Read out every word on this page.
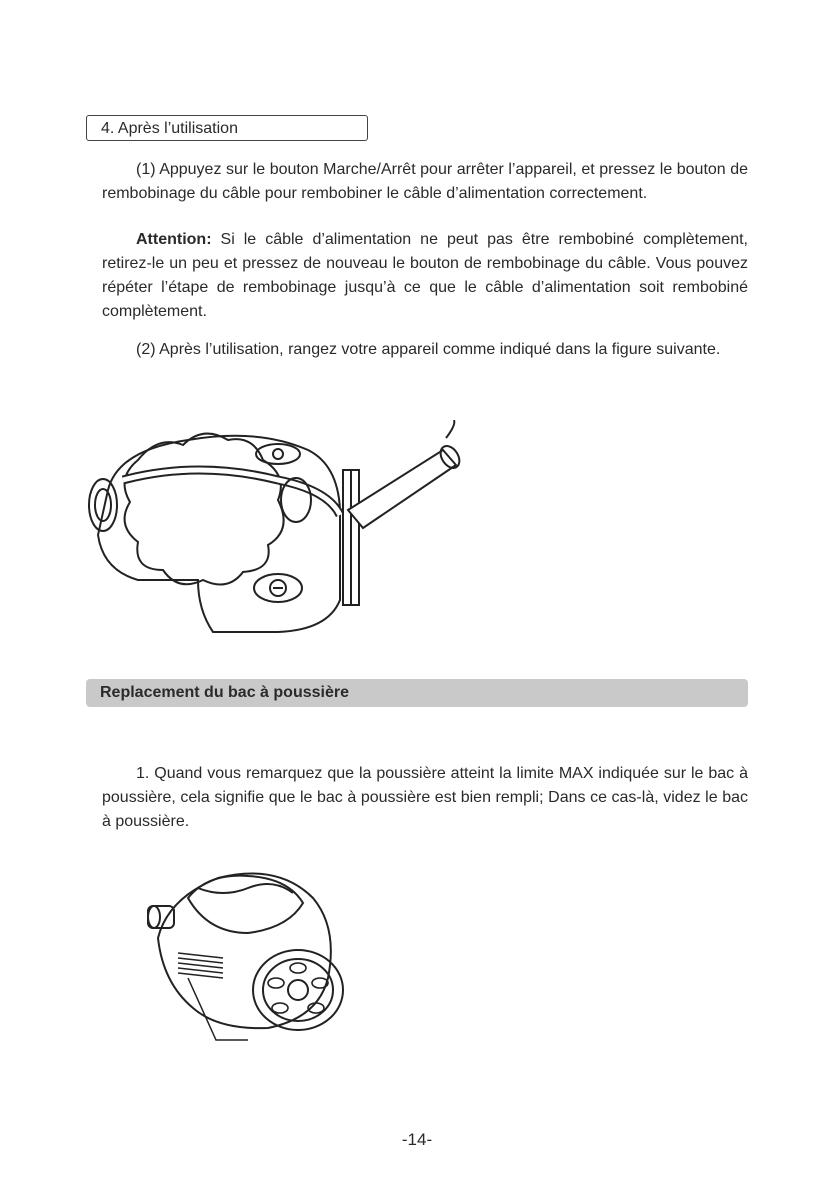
4. Après l’utilisation
(1) Appuyez sur le bouton Marche/Arrêt pour arrêter l’appareil, et pressez le bouton de rembobinage du câble pour rembobiner le câble d’alimentation correctement.
Attention: Si le câble d’alimentation ne peut pas être rembobiné complètement, retirez-le un peu et pressez de nouveau le bouton de rembobinage du câble. Vous pouvez répéter l’étape de rembobinage jusqu’à ce que le câble d’alimentation soit rembobiné complètement.
(2) Après l’utilisation, rangez votre appareil comme indiqué dans la figure suivante.
Replacement du bac à poussière
1. Quand vous remarquez que la poussière atteint la limite MAX indiquée sur le bac à poussière, cela signifie que le bac à poussière est bien rempli; Dans ce cas-là, videz le bac à poussière.
-14-
